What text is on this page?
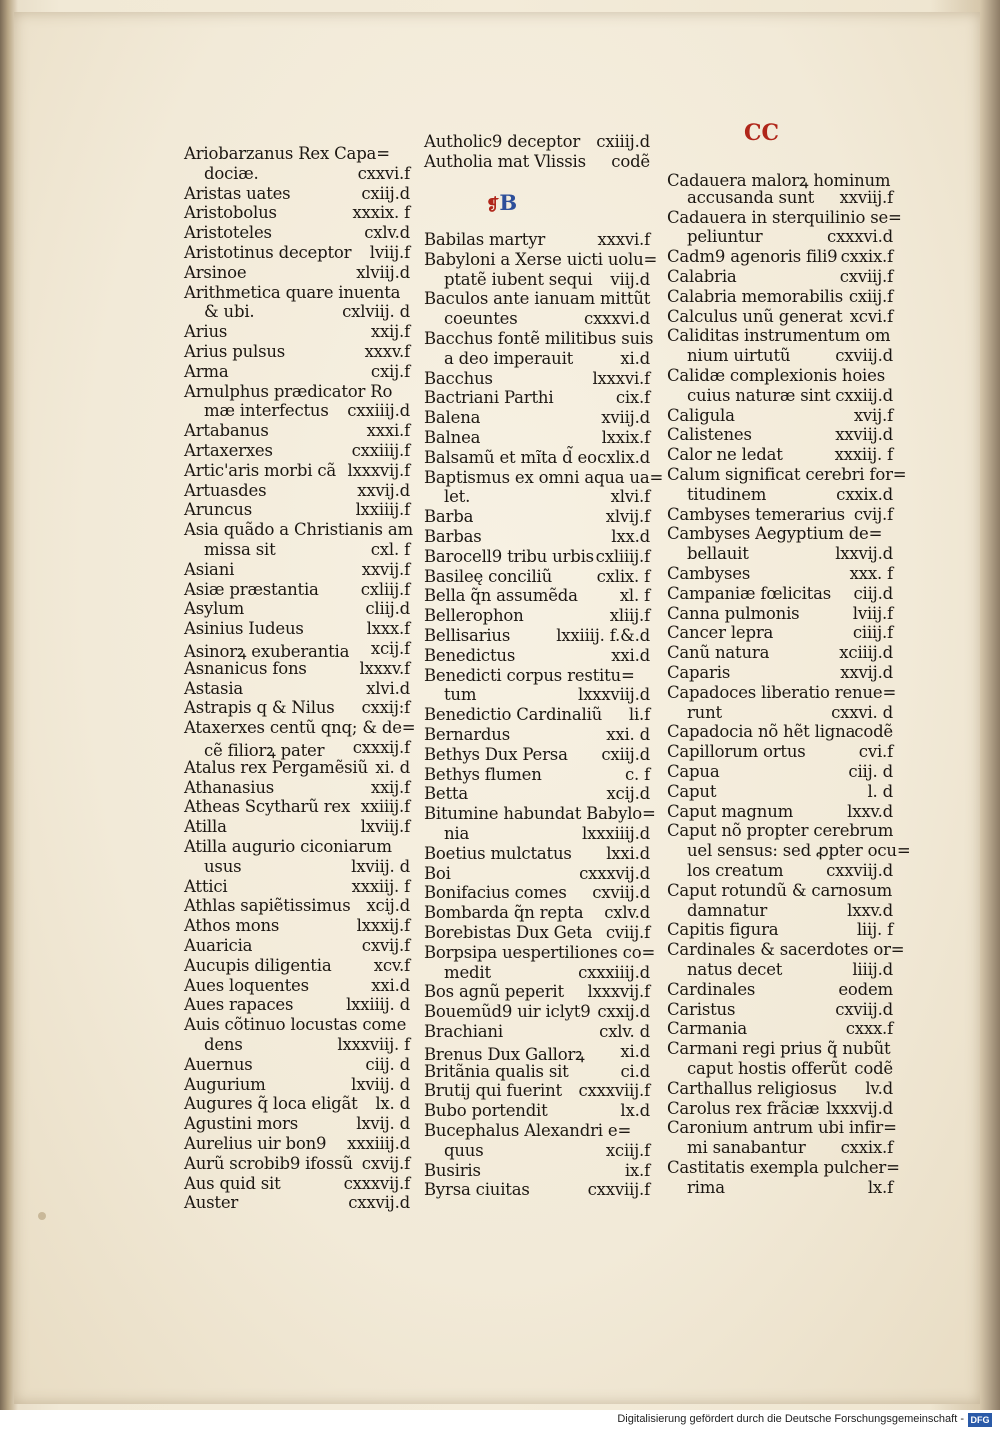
Ariobarzanus Rex Capa=
dociæ.	cxxvi.f
Aristas uates	cxiij.d
Aristobolus	xxxix. f
Aristoteles	cxlv.d
Aristotinus deceptor lviij.f
Arsinoe	xlviij.d
Arithmetica quare inuenta
& ubi.	cxlviij. d
Arius	xxij.f
Arius pulsus	xxxv.f
Arma	cxij.f
Arnulphus prædicator Ro
mæ interfectus cxxiiij.d
Artabanus	xxxi.f
Artaxerxes	cxxiiij.f
Artic'aris morbi cã lxxxvij.f
Artuasdes	xxvij.d
Aruncus	lxxiiij.f
Asia quãdo a Christianis am
missa sit	cxl. f
Asiani	xxvij.f
Asiæ præstantia	cxliij.f
Asylum	cliij.d
Asinius Iudeus	lxxx.f
Asinorꝝ exuberantia xcij.f
Asnanicus fons	lxxxv.f
Astasia	xlvi.d
Astrapis q & Nilus cxxij:f
Ataxerxes centũ qnq; & de=
cẽ filiorꝝ pater cxxxij.f
Atalus rex Pergamẽsiũ xi. d
Athanasius	xxij.f
Atheas Scytharũ rex xxiiij.f
Atilla	lxviij.f
Atilla augurio ciconiarum
usus	lxviij. d
Attici	xxxiij. f
Athlas sapiẽtissimus xcij.d
Athos mons	lxxxij.f
Auaricia	cxvij.f
Aucupis diligentia	xcv.f
Aues loquentes	xxi.d
Aues rapaces	lxxiiij. d
Auis cõtinuo locustas come
dens	lxxxviij. f
Auernus	ciij. d
Augurium	lxviij. d
Augures q̃ loca eligãt lx. d
Agustini mors	lxvij. d
Aurelius uir bon9 xxxiiij.d
Aurũ scrobib9 ifossũ cxvij.f
Aus quid sit	cxxxvij.f
Auster	cxxvij.d
Autholic9 deceptor cxiiij.d
Autholia mat Vlissis codẽ
Babilas martyr	xxxvi.f
Babyloni a Xerse uicti uolu=
ptatẽ iubent sequi viij.d
Baculos ante ianuam mittũt
coeuntes	cxxxvi.d
Bacchus fontẽ militibus suis
a deo imperauit	xi.d
Bacchus	lxxxvi.f
Bactriani Parthi	cix.f
Balena	xviij.d
Balnea	lxxix.f
Balsamũ et mĩta d̃ eo cxlix.d
Baptismus ex omni aqua ua=
let.	xlvi.f
Barba	xlvij.f
Barbas	lxx.d
Barocell9 tribu urbis cxliiij.f
Basileę conciliũ	cxlix. f
Bella q̃n assumẽda	xl. f
Bellerophon	xliij.f
Bellisarius	lxxiiij. f.&.d
Benedictus	xxi.d
Benedicti corpus restitu=
tum	lxxxviij.d
Benedictio Cardinaliũ li.f
Bernardus	xxi. d
Bethys Dux Persa cxiij.d
Bethys flumen	c. f
Betta	xcij.d
Bitumine habundat Babylo=
nia	lxxxiiij.d
Boetius mulctatus lxxi.d
Boi	cxxxvij.d
Bonifacius comes cxviij.d
Bombarda q̃n repta cxlv.d
Borebistas Dux Geta cviij.f
Borpsipa uespertiliones co=
medit	cxxxiiij.d
Bos agnũ peperit lxxxvij.f
Bouemũd9 uir iclyt9 cxxij.d
Brachiani	cxlv. d
Brenus Dux Gallorꝝ xi.d
Britãnia qualis sit	ci.d
Brutij qui fuerint cxxxviij.f
Bubo portendit	lx.d
Bucephalus Alexandri e=
quus	xciij.f
Busiris	ix.f
Byrsa ciuitas	cxxviij.f
Cadauera malorꝝ hominum
accusanda sunt xxviij.f
Cadauera in sterquilinio se=
peliuntur	cxxxvi.d
Cadm9 agenoris fili9 cxxix.f
Calabria	cxviij.f
Calabria memorabilis cxiij.f
Calculus unũ generat xcvi.f
Caliditas instrumentum om
nium uirtutũ	cxviij.d
Calidæ complexionis hoies
cuius naturæ sint cxxiij.d
Caligula	xvij.f
Calistenes	xxviij.d
Calor ne ledat	xxxiij. f
Calum significat cerebri for=
titudinem	cxxix.d
Cambyses temerarius cvij.f
Cambyses Aegyptium de=
bellauit	lxxvij.d
Cambyses	xxx. f
Campaniæ fœlicitas ciij.d
Canna pulmonis	lviij.f
Cancer lepra	ciiij.f
Canũ natura	xciiij.d
Caparis	xxvij.d
Capadoces liberatio renue=
runt	cxxvi. d
Capadocia nõ hẽt ligna codẽ
Capillorum ortus	cvi.f
Capua	ciij. d
Caput	l. d
Caput magnum	lxxv.d
Caput nõ propter cerebrum
uel sensus: sed ꝓpter ocu=
los creatum	cxxviij.d
Caput rotundũ & carnosum
damnatur	lxxv.d
Capitis figura	liij. f
Cardinales & sacerdotes or=
natus decet	liiij.d
Cardinales	eodem
Caristus	cxviij.d
Carmania	cxxx.f
Carmani regi prius q̃ nubũt
caput hostis offerũt codẽ
Carthallus religiosus lv.d
Carolus rex frãciæ lxxxvij.d
Caronium antrum ubi infir=
mi sanabantur cxxix.f
Castitatis exempla pulcher=
rima	lx.f
❡B
CC
Digitalisierung gefördert durch die Deutsche Forschungsgemeinschaft - DFG
